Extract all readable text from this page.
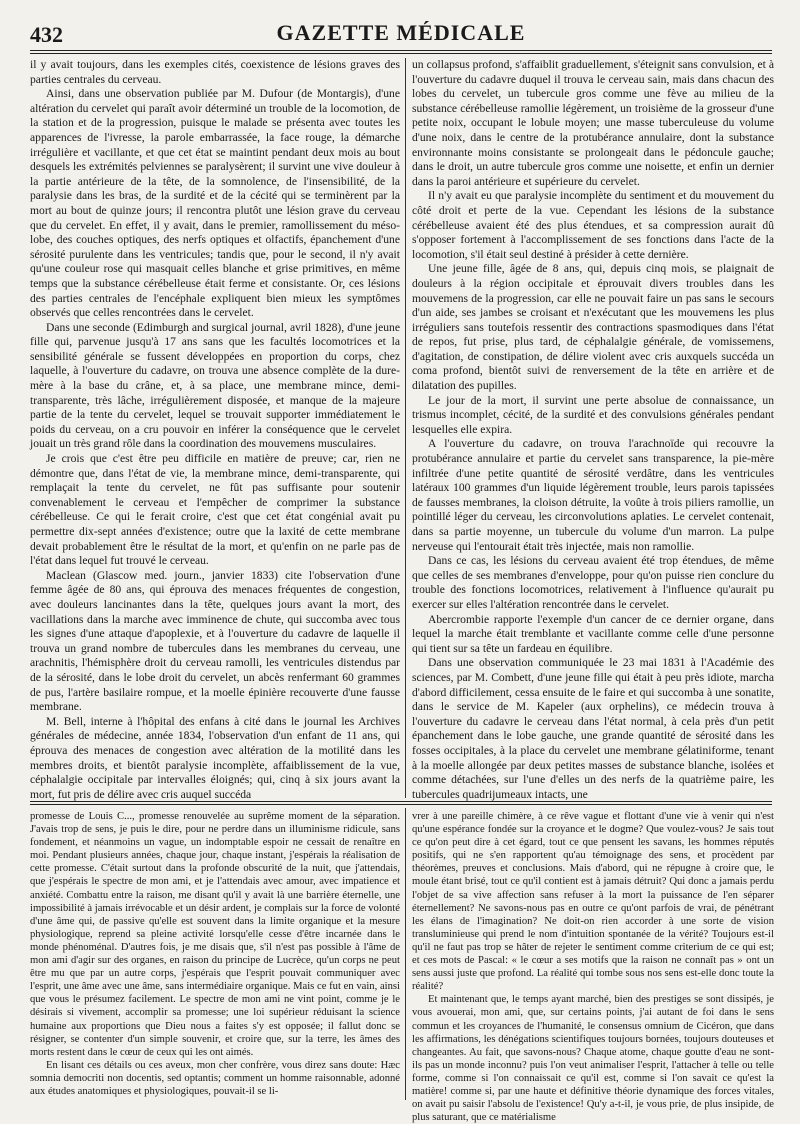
432	GAZETTE MÉDICALE

il y avait toujours, dans les exemples cités, coexistence de lésions graves des parties centrales du cerveau.

Ainsi, dans une observation publiée par M. Dufour (de Montargis), d'une altération du cervelet qui paraît avoir déterminé un trouble de la locomotion, de la station et de la progression, puisque le malade se présenta avec toutes les apparences de l'ivresse, la parole embarrassée, la face rouge, la démarche irrégulière et vacillante, et que cet état se maintint pendant deux mois au bout desquels les extrémités pelviennes se paralysèrent; il survint une vive douleur à la partie antérieure de la tête, de la somnolence, de l'insensibilité, de la paralysie dans les bras, de la surdité et de la cécité qui se terminèrent par la mort au bout de quinze jours; il rencontra plutôt une lésion grave du cerveau que du cervelet. En effet, il y avait, dans le premier, ramollissement du méso-lobe, des couches optiques, des nerfs optiques et olfactifs, épanchement d'une sérosité purulente dans les ventricules; tandis que, pour le second, il n'y avait qu'une couleur rose qui masquait celles blanche et grise primitives, en même temps que la substance cérébelleuse était ferme et consistante. Or, ces lésions des parties centrales de l'encéphale expliquent bien mieux les symptômes observés que celles rencontrées dans le cervelet.

Dans une seconde (Edimburgh and surgical journal, avril 1828), d'une jeune fille qui, parvenue jusqu'à 17 ans sans que les facultés locomotrices et la sensibilité générale se fussent développées en proportion du corps, chez laquelle, à l'ouverture du cadavre, on trouva une absence complète de la dure-mère à la base du crâne, et, à sa place, une membrane mince, demi-transparente, très lâche, irrégulièrement disposée, et manque de la majeure partie de la tente du cervelet, lequel se trouvait supporter immédiatement le poids du cerveau, on a cru pouvoir en inférer la conséquence que le cervelet jouait un très grand rôle dans la coordination des mouvemens musculaires.

Je crois que c'est être peu difficile en matière de preuve; car, rien ne démontre que, dans l'état de vie, la membrane mince, demi-transparente, qui remplaçait la tente du cervelet, ne fût pas suffisante pour soutenir convenablement le cerveau et l'empêcher de comprimer la substance cérébelleuse. Ce qui le ferait croire, c'est que cet état congénial avait pu permettre dix-sept années d'existence; outre que la laxité de cette membrane devait probablement être le résultat de la mort, et qu'enfin on ne parle pas de l'état dans lequel fut trouvé le cerveau.

Maclean (Glascow med. journ., janvier 1833) cite l'observation d'une femme âgée de 80 ans, qui éprouva des menaces fréquentes de congestion, avec douleurs lancinantes dans la tête, quelques jours avant la mort, des vacillations dans la marche avec imminence de chute, qui succomba avec tous les signes d'une attaque d'apoplexie, et à l'ouverture du cadavre de laquelle il trouva un grand nombre de tubercules dans les membranes du cerveau, une arachnitis, l'hémisphère droit du cerveau ramolli, les ventricules distendus par de la sérosité, dans le lobe droit du cervelet, un abcès renfermant 60 grammes de pus, l'artère basilaire rompue, et la moelle épinière recouverte d'une fausse membrane.

M. Bell, interne à l'hôpital des enfans à cité dans le journal les Archives générales de médecine, année 1834, l'observation d'un enfant de 11 ans, qui éprouva des menaces de congestion avec altération de la motilité dans les membres droits, et bientôt paralysie incomplète, affaiblissement de la vue, céphalalgie occipitale par intervalles éloignés; qui, cinq à six jours avant la mort, fut pris de délire avec cris auquel succéda

un collapsus profond, s'affaiblit graduellement, s'éteignit sans convulsion, et à l'ouverture du cadavre duquel il trouva le cerveau sain, mais dans chacun des lobes du cervelet, un tubercule gros comme une fève au milieu de la substance cérébelleuse ramollie légèrement, un troisième de la grosseur d'une petite noix, occupant le lobule moyen; une masse tuberculeuse du volume d'une noix, dans le centre de la protubérance annulaire, dont la substance environnante moins consistante se prolongeait dans le pédoncule gauche; dans le droit, un autre tubercule gros comme une noisette, et enfin un dernier dans la paroi antérieure et supérieure du cervelet.

Il n'y avait eu que paralysie incomplète du sentiment et du mouvement du côté droit et perte de la vue. Cependant les lésions de la substance cérébelleuse avaient été des plus étendues, et sa compression aurait dû s'opposer fortement à l'accomplissement de ses fonctions dans l'acte de la locomotion, s'il était seul destiné à présider à cette dernière.

Une jeune fille, âgée de 8 ans, qui, depuis cinq mois, se plaignait de douleurs à la région occipitale et éprouvait divers troubles dans les mouvemens de la progression, car elle ne pouvait faire un pas sans le secours d'un aide, ses jambes se croisant et n'exécutant que les mouvemens les plus irréguliers sans toutefois ressentir des contractions spasmodiques dans l'état de repos, fut prise, plus tard, de céphalalgie générale, de vomissemens, d'agitation, de constipation, de délire violent avec cris auxquels succéda un coma profond, bientôt suivi de renversement de la tête en arrière et de dilatation des pupilles.

Le jour de la mort, il survint une perte absolue de connaissance, un trismus incomplet, cécité, de la surdité et des convulsions générales pendant lesquelles elle expira.

A l'ouverture du cadavre, on trouva l'arachnoïde qui recouvre la protubérance annulaire et partie du cervelet sans transparence, la pie-mère infiltrée d'une petite quantité de sérosité verdâtre, dans les ventricules latéraux 100 grammes d'un liquide légèrement trouble, leurs parois tapissées de fausses membranes, la cloison détruite, la voûte à trois piliers ramollie, un pointillé léger du cerveau, les circonvolutions aplaties. Le cervelet contenait, dans sa partie moyenne, un tubercule du volume d'un marron. La pulpe nerveuse qui l'entourait était très injectée, mais non ramollie.

Dans ce cas, les lésions du cerveau avaient été trop étendues, de même que celles de ses membranes d'enveloppe, pour qu'on puisse rien conclure du trouble des fonctions locomotrices, relativement à l'influence qu'aurait pu exercer sur elles l'altération rencontrée dans le cervelet.

Abercrombie rapporte l'exemple d'un cancer de ce dernier organe, dans lequel la marche était tremblante et vacillante comme celle d'une personne qui tient sur sa tête un fardeau en équilibre.

Dans une observation communiquée le 23 mai 1831 à l'Académie des sciences, par M. Combett, d'une jeune fille qui était à peu près idiote, marcha d'abord difficilement, cessa ensuite de le faire et qui succomba à une sonatite, dans le service de M. Kapeler (aux orphelins), ce médecin trouva à l'ouverture du cadavre le cerveau dans l'état normal, à cela près d'un petit épanchement dans le lobe gauche, une grande quantité de sérosité dans les fosses occipitales, à la place du cervelet une membrane gélatiniforme, tenant à la moelle allongée par deux petites masses de substance blanche, isolées et comme détachées, sur l'une d'elles un des nerfs de la quatrième paire, les tubercules quadrijumeaux intacts, une

promesse de Louis C..., promesse renouvelée au suprême moment de la séparation. J'avais trop de sens, je puis le dire, pour ne perdre dans un illuminisme ridicule, sans fondement, et néanmoins un vague, un indomptable espoir ne cessait de renaître en moi. Pendant plusieurs années, chaque jour, chaque instant, j'espérais la réalisation de cette promesse. C'était surtout dans la profonde obscurité de la nuit, que j'attendais, que j'espérais le spectre de mon ami, et je l'attendais avec amour, avec impatience et anxiété. Combattu entre la raison, me disant qu'il y avait là une barrière éternelle, une impossibilité à jamais irrévocable et un désir ardent, je complais sur la force de volonté d'une âme qui, de passive qu'elle est souvent dans la limite organique et la mesure physiologique, reprend sa pleine activité lorsqu'elle cesse d'être incarnée dans le monde phénoménal. D'autres fois, je me disais que, s'il n'est pas possible à l'âme de mon ami d'agir sur des organes, en raison du principe de Lucrèce, qu'un corps ne peut être mu que par un autre corps, j'espérais que l'esprit pouvait communiquer avec l'esprit, une âme avec une âme, sans intermédiaire organique. Mais ce fut en vain, ainsi que vous le présumez facilement. Le spectre de mon ami ne vint point, comme je le désirais si vivement, accomplir sa promesse; une loi supérieur réduisant la science humaine aux proportions que Dieu nous a faites s'y est opposée; il fallut donc se résigner, se contenter d'un simple souvenir, et croire que, sur la terre, les âmes des morts restent dans le cœur de ceux qui les ont aimés.

En lisant ces détails ou ces aveux, mon cher confrère, vous direz sans doute: Hæc somnia democriti non docentis, sed optantis; comment un homme raisonnable, adonné aux études anatomiques et physiologiques, pouvait-il se li-

vrer à une pareille chimère, à ce rêve vague et flottant d'une vie à venir qui n'est qu'une espérance fondée sur la croyance et le dogme? Que voulez-vous? Je sais tout ce qu'on peut dire à cet égard, tout ce que pensent les savans, les hommes réputés positifs, qui ne s'en rapportent qu'au témoignage des sens, et procèdent par théorèmes, preuves et conclusions. Mais d'abord, qui ne répugne à croire que, le moule étant brisé, tout ce qu'il contient est à jamais détruit? Qui donc a jamais perdu l'objet de sa vive affection sans refuser à la mort la puissance de l'en séparer éternellement? Ne savons-nous pas en outre ce qu'ont parfois de vrai, de pénétrant les élans de l'imagination? Ne doit-on rien accorder à une sorte de vision transluminieuse qui prend le nom d'intuition spontanée de la vérité? Toujours est-il qu'il ne faut pas trop se hâter de rejeter le sentiment comme criterium de ce qui est; et ces mots de Pascal: « le cœur a ses motifs que la raison ne connaît pas » ont un sens aussi juste que profond. La réalité qui tombe sous nos sens est-elle donc toute la réalité?

Et maintenant que, le temps ayant marché, bien des prestiges se sont dissipés, je vous avouerai, mon ami, que, sur certains points, j'ai autant de foi dans le sens commun et les croyances de l'humanité, le consensus omnium de Cicéron, que dans les affirmations, les dénégations scientifiques toujours bornées, toujours douteuses et changeantes. Au fait, que savons-nous? Chaque atome, chaque goutte d'eau ne sont-ils pas un monde inconnu? puis l'on veut animaliser l'esprit, l'attacher à telle ou telle forme, comme si l'on connaissait ce qu'il est, comme si l'on savait ce qu'est la matière! comme si, par une haute et définitive théorie dynamique des forces vitales, on avait pu saisir l'absolu de l'existence! Qu'y a-t-il, je vous prie, de plus insipide, de plus saturant, que ce matérialisme
